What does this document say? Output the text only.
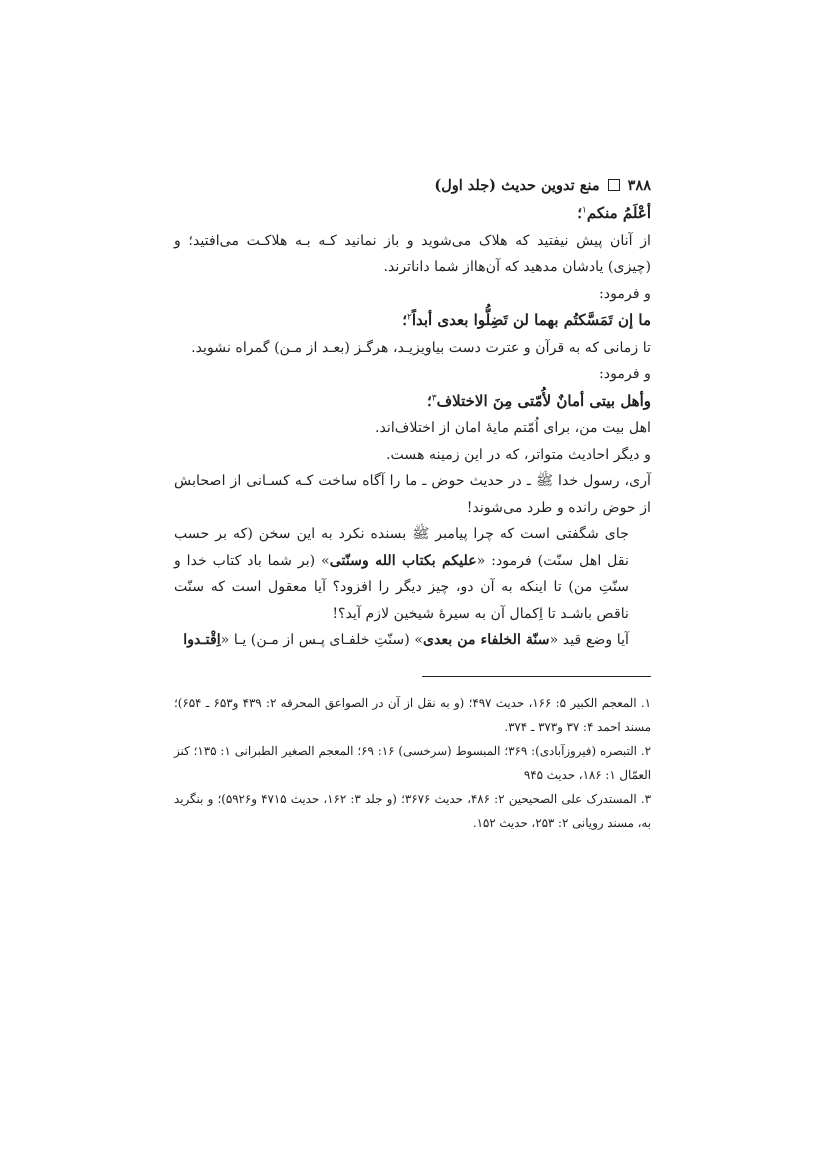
۳۸۸
منع تدوین حدیث (جلد اول)

أعْلَمُ منكم$^۱$؛

از آنان پیش نیفتید که هلاک می‌شوید و باز نمانید کـه بـه هلاکـت می‌افتید؛ و (چیزی) یادشان مدهید که آن‌هااز شما داناترند.

و فرمود:

ما إن تَمَسَّكتُم بهما لن تَضِلُّوا بعدی أبداً$^۲$؛

تا زمانی که به قرآن و عترت دست بیاویزیـد، هرگـز (بعـد از مـن) گمراه نشوید.

و فرمود:

وأهل بیتی أمانٌ لأُمّتی مِنَ الاختلاف$^۳$؛

اهل بیت من، برای اُمّتم مایهٔ امان از اختلاف‌اند.

و دیگر احادیث متواتر، که در این زمینه هست.

آری، رسول خدا ﷺ ـ در حدیث حوض ـ ما را آگاه ساخت کـه کسـانی از اصحابش از حوض رانده و طرد می‌شوند!

جای شگفتی است که چرا پیامبر ﷺ بسنده نکرد به این سخن (که بر حسب نقل اهل سنّت) فرمود: «علیکم بکتاب الله وسنّتی» (بر شما باد کتاب خدا و سنّتِ من) تا اینکه به آن دو، چیز دیگر را افزود؟ آیا معقول است که سنّت ناقص باشـد تا اِکمال آن به سیرهٔ شیخین لازم آید؟!

آیا وضع قید «سنّة الخلفاء من بعدی» (سنّتِ خلفـای پـس از مـن) یـا «اِقْتـدوا

۱. المعجم الکبیر ۵: ۱۶۶، حدیث ۴۹۷؛ (و به نقل از آن در الصواعق المحرقه ۲: ۴۳۹ و۶۵۳ ـ ۶۵۴)؛ مسند احمد ۴: ۳۷ و۳۷۳ ـ ۳۷۴.

۲. التبصره (فیروزآبادی): ۳۶۹؛ المبسوط (سرخسی) ۱۶: ۶۹؛ المعجم الصغیر الطبرانی ۱: ۱۳۵؛ کنز العمّال ۱: ۱۸۶، حدیث ۹۴۵

۳. المستدرک علی الصحیحین ۲: ۴۸۶، حدیث ۳۶۷۶؛ (و جلد ۳: ۱۶۲، حدیث ۴۷۱۵ و۵۹۲۶)؛ و بنگرید به، مسند رویانی ۲: ۲۵۳، حدیث ۱۵۲.
